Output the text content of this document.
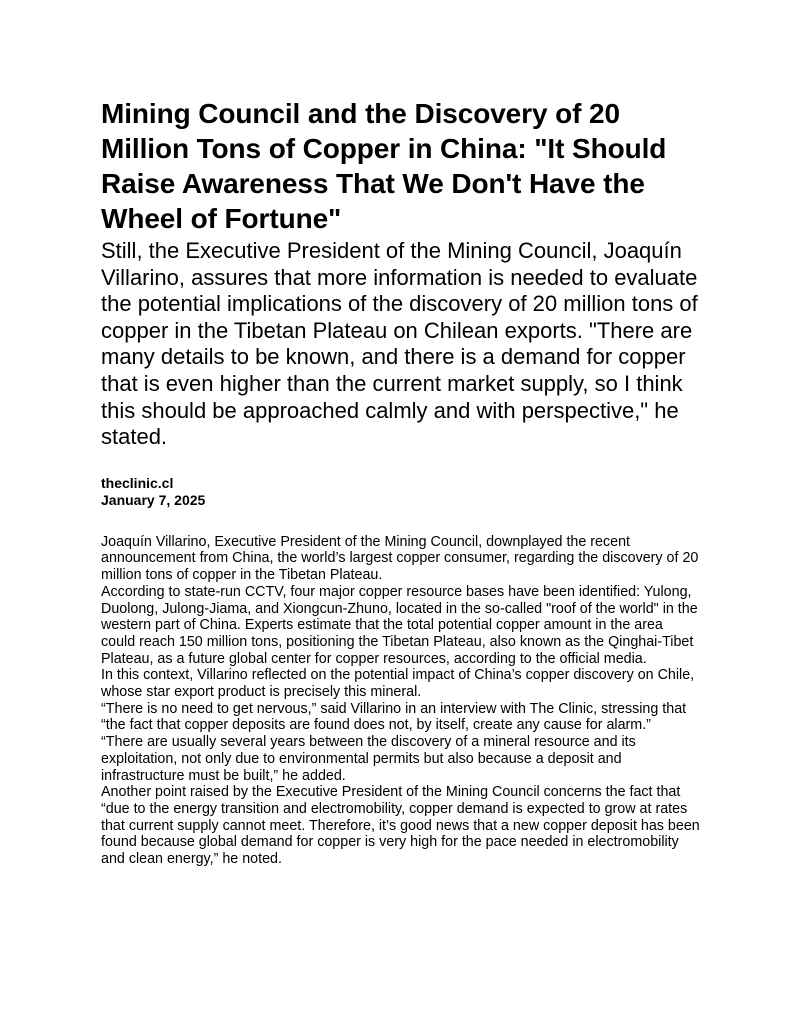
Mining Council and the Discovery of 20 Million Tons of Copper in China: "It Should Raise Awareness That We Don't Have the Wheel of Fortune"

Still, the Executive President of the Mining Council, Joaquín Villarino, assures that more information is needed to evaluate the potential implications of the discovery of 20 million tons of copper in the Tibetan Plateau on Chilean exports. "There are many details to be known, and there is a demand for copper that is even higher than the current market supply, so I think this should be approached calmly and with perspective," he stated.

theclinic.cl
January 7, 2025

Joaquín Villarino, Executive President of the Mining Council, downplayed the recent announcement from China, the world’s largest copper consumer, regarding the discovery of 20 million tons of copper in the Tibetan Plateau.

According to state-run CCTV, four major copper resource bases have been identified: Yulong, Duolong, Julong-Jiama, and Xiongcun-Zhuno, located in the so-called "roof of the world" in the western part of China. Experts estimate that the total potential copper amount in the area could reach 150 million tons, positioning the Tibetan Plateau, also known as the Qinghai-Tibet Plateau, as a future global center for copper resources, according to the official media.

In this context, Villarino reflected on the potential impact of China’s copper discovery on Chile, whose star export product is precisely this mineral.

“There is no need to get nervous,” said Villarino in an interview with The Clinic, stressing that “the fact that copper deposits are found does not, by itself, create any cause for alarm.”

“There are usually several years between the discovery of a mineral resource and its exploitation, not only due to environmental permits but also because a deposit and infrastructure must be built,” he added.

Another point raised by the Executive President of the Mining Council concerns the fact that “due to the energy transition and electromobility, copper demand is expected to grow at rates that current supply cannot meet. Therefore, it’s good news that a new copper deposit has been found because global demand for copper is very high for the pace needed in electromobility and clean energy,” he noted.
